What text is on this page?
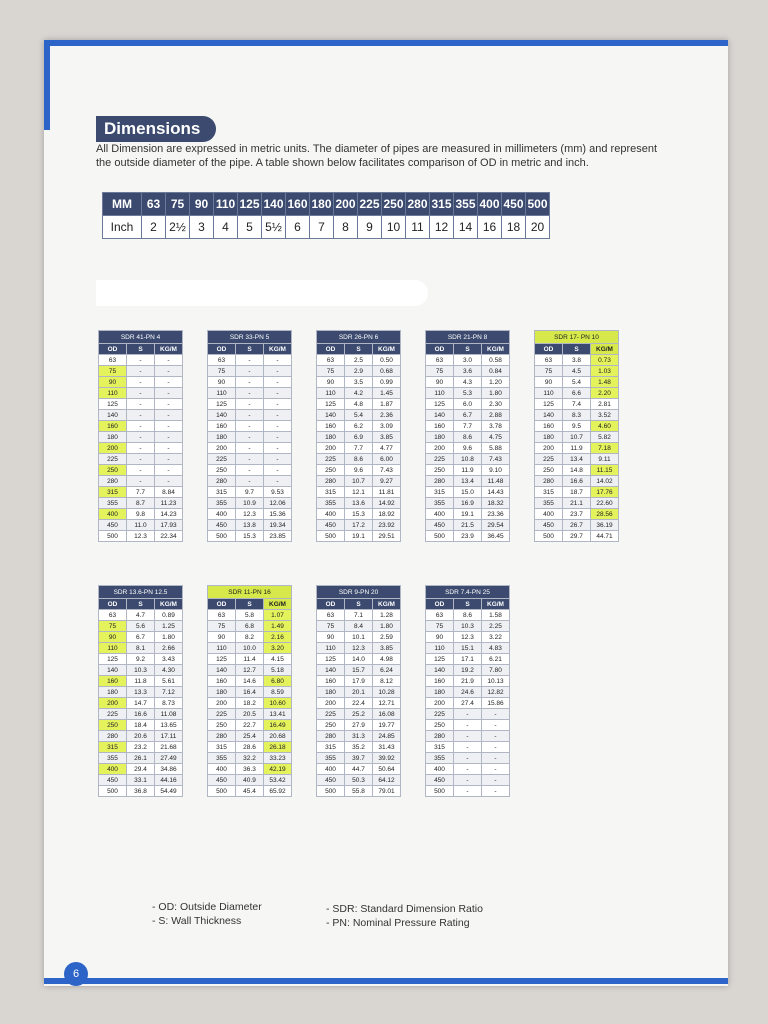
Dimensions
All Dimension are expressed in metric units. The diameter of pipes are measured in millimeters (mm) and represent the outside diameter of the pipe. A table shown below facilitates comparison of OD in metric and inch.
MM	63	75	90	110	125	140	160	180	200	225	250	280	315	355	400	450	500
Inch	2	2½	3	4	5	5½	6	7	8	9	10	11	12	14	16	18	20
HDPE Polyethylene Pipe Specification
SDR 41-PN 4		
OD	S	KG/M
63	-	-
75	-	-
90	-	-
110	-	-
125	-	-
140	-	-
160	-	-
180	-	-
200	-	-
225	-	-
250	-	-
280	-	-
315	7.7	8.84
355	8.7	11.23
400	9.8	14.23
450	11.0	17.93
500	12.3	22.34
SDR 33-PN 5		
OD	S	KG/M
63	-	-
75	-	-
90	-	-
110	-	-
125	-	-
140	-	-
160	-	-
180	-	-
200	-	-
225	-	-
250	-	-
280	-	-
315	9.7	9.53
355	10.9	12.06
400	12.3	15.36
450	13.8	19.34
500	15.3	23.85
SDR 26-PN 6		
OD	S	KG/M
63	2.5	0.50
75	2.9	0.68
90	3.5	0.99
110	4.2	1.45
125	4.8	1.87
140	5.4	2.36
160	6.2	3.09
180	6.9	3.85
200	7.7	4.77
225	8.6	6.00
250	9.6	7.43
280	10.7	9.27
315	12.1	11.81
355	13.6	14.92
400	15.3	18.92
450	17.2	23.92
500	19.1	29.51
SDR 21-PN 8		
OD	S	KG/M
63	3.0	0.58
75	3.6	0.84
90	4.3	1.20
110	5.3	1.80
125	6.0	2.30
140	6.7	2.88
160	7.7	3.78
180	8.6	4.75
200	9.6	5.88
225	10.8	7.43
250	11.9	9.10
280	13.4	11.48
315	15.0	14.43
355	16.9	18.32
400	19.1	23.36
450	21.5	29.54
500	23.9	36.45
SDR 17- PN 10		
OD	S	KG/M
63	3.8	0.73
75	4.5	1.03
90	5.4	1.48
110	6.6	2.20
125	7.4	2.81
140	8.3	3.52
160	9.5	4.60
180	10.7	5.82
200	11.9	7.18
225	13.4	9.11
250	14.8	11.15
280	16.6	14.02
315	18.7	17.76
355	21.1	22.60
400	23.7	28.56
450	26.7	36.19
500	29.7	44.71
SDR 13.6-PN 12.5		
OD	S	KG/M
63	4.7	0.89
75	5.6	1.25
90	6.7	1.80
110	8.1	2.66
125	9.2	3.43
140	10.3	4.30
160	11.8	5.61
180	13.3	7.12
200	14.7	8.73
225	16.6	11.08
250	18.4	13.65
280	20.6	17.11
315	23.2	21.68
355	26.1	27.49
400	29.4	34.86
450	33.1	44.16
500	36.8	54.49
SDR 11-PN 16		
OD	S	KG/M
63	5.8	1.07
75	6.8	1.49
90	8.2	2.16
110	10.0	3.20
125	11.4	4.15
140	12.7	5.18
160	14.6	6.80
180	16.4	8.59
200	18.2	10.60
225	20.5	13.41
250	22.7	16.49
280	25.4	20.68
315	28.6	26.18
355	32.2	33.23
400	36.3	42.19
450	40.9	53.42
500	45.4	65.92
SDR 9-PN 20		
OD	S	KG/M
63	7.1	1.28
75	8.4	1.80
90	10.1	2.59
110	12.3	3.85
125	14.0	4.98
140	15.7	6.24
160	17.9	8.12
180	20.1	10.28
200	22.4	12.71
225	25.2	16.08
250	27.9	19.77
280	31.3	24.85
315	35.2	31.43
355	39.7	39.92
400	44.7	50.64
450	50.3	64.12
500	55.8	79.01
SDR 7.4-PN 25		
OD	S	KG/M
63	8.6	1.58
75	10.3	2.25
90	12.3	3.22
110	15.1	4.83
125	17.1	6.21
140	19.2	7.80
160	21.9	10.13
180	24.6	12.82
200	27.4	15.86
225	-	-
250	-	-
280	-	-
315	-	-
355	-	-
400	-	-
450	-	-
500	-	-
- OD: Outside Diameter
- S: Wall Thickness
- SDR: Standard Dimension Ratio
- PN: Nominal Pressure Rating
6
